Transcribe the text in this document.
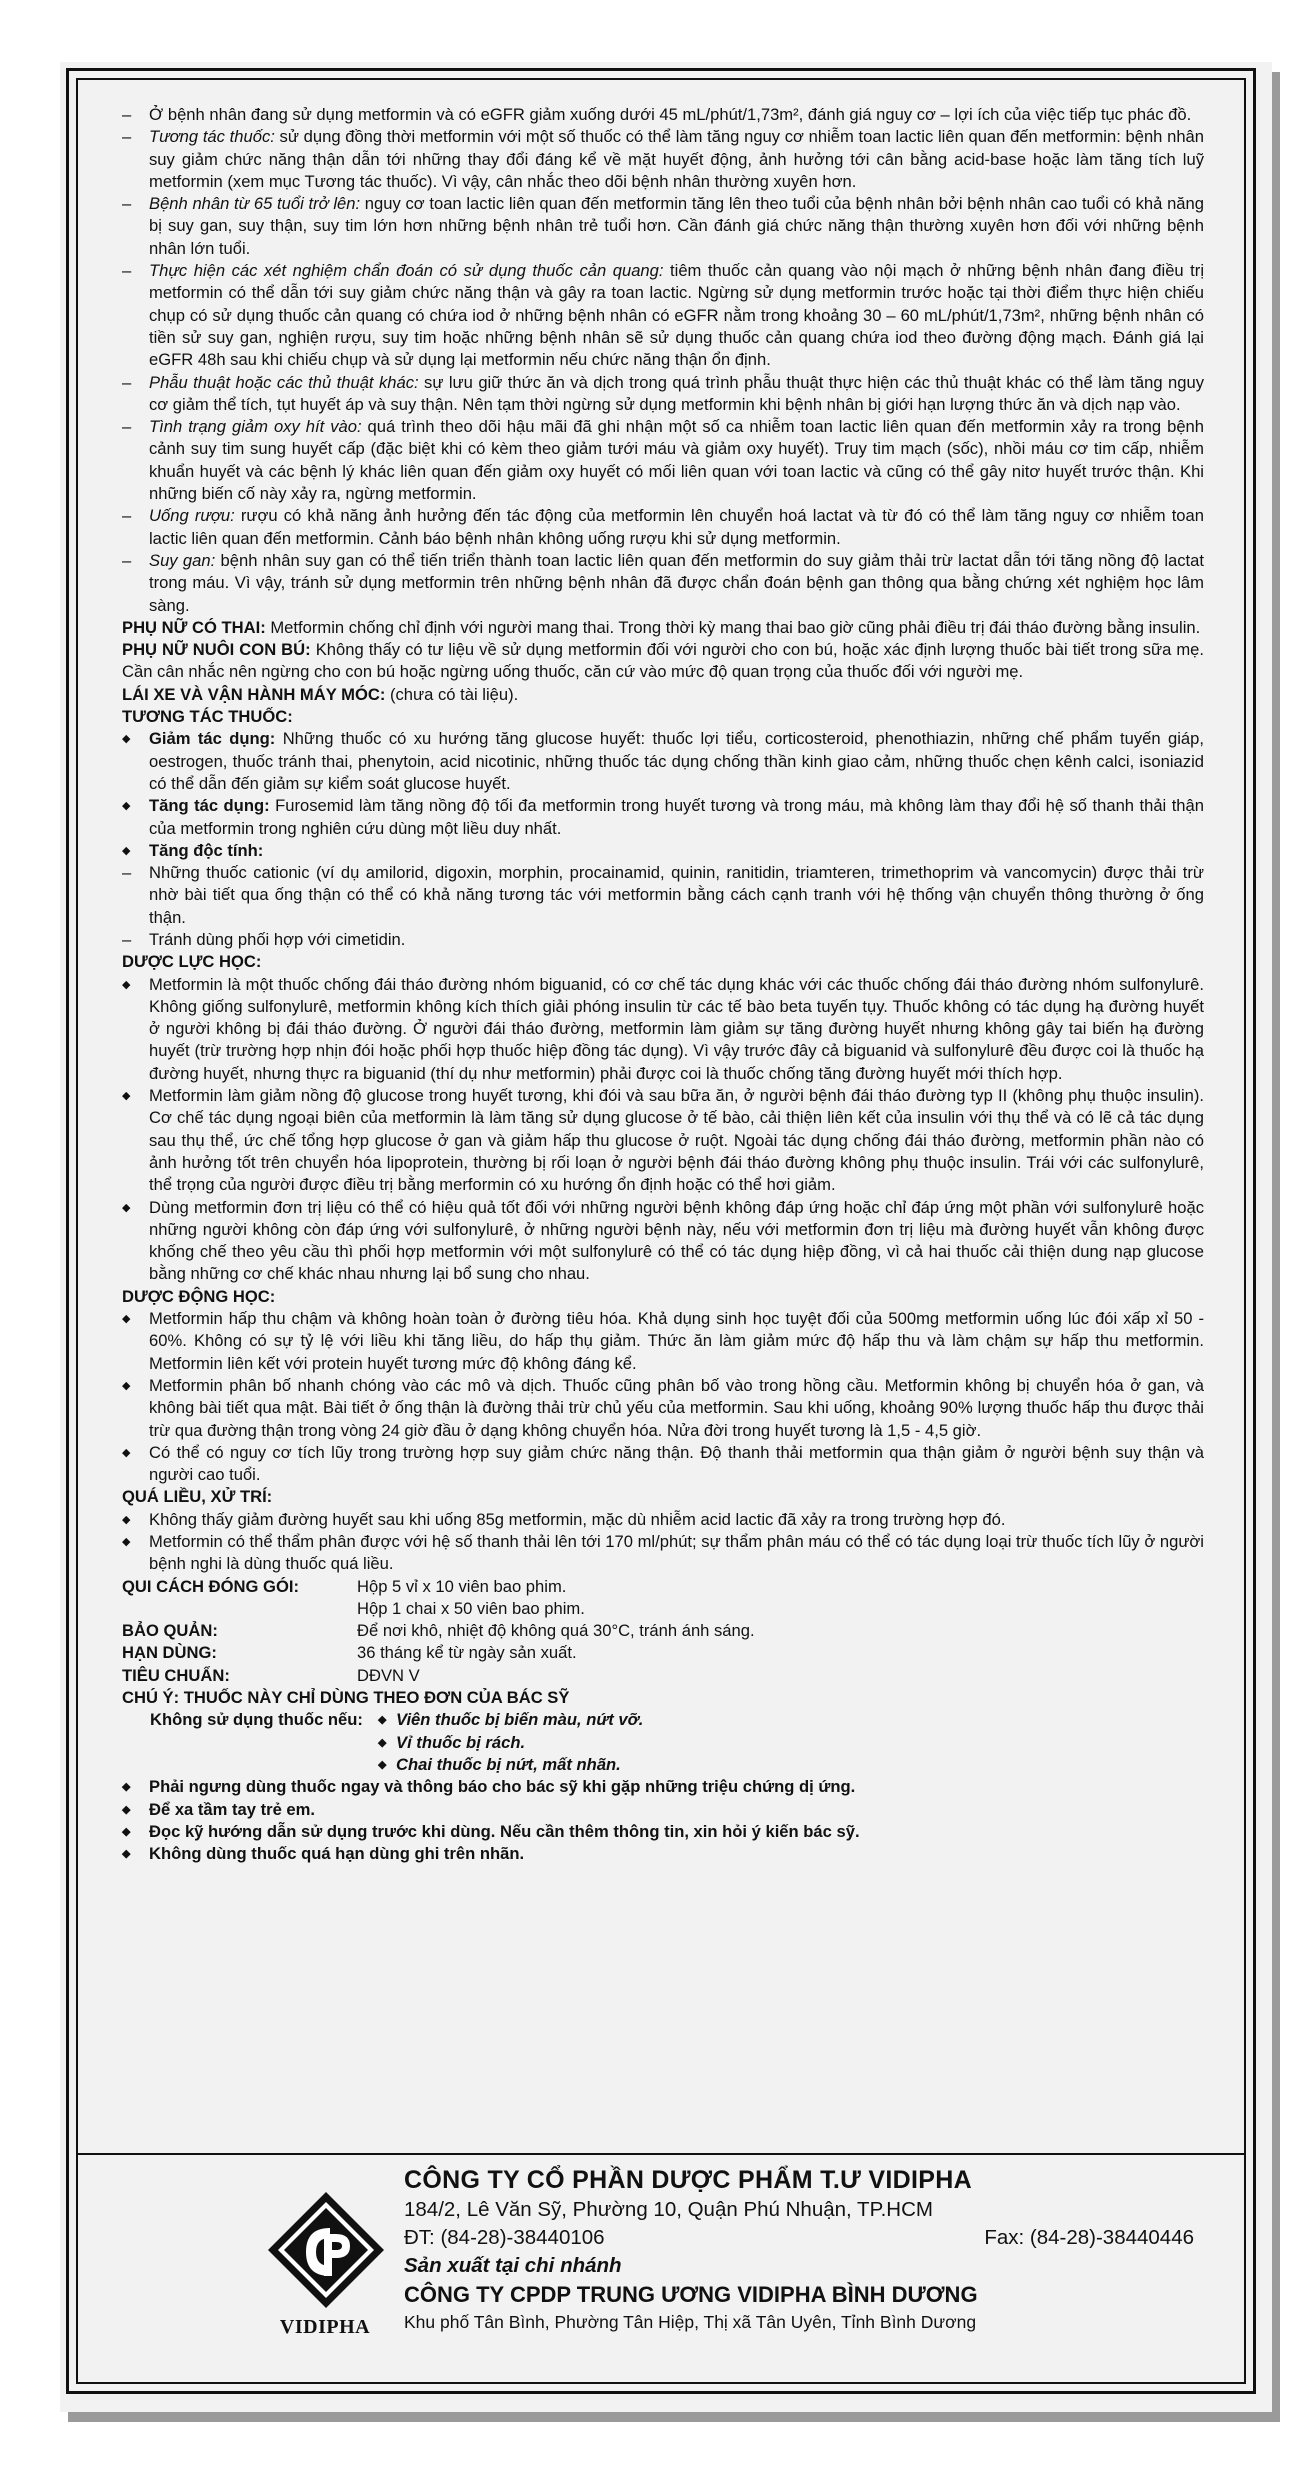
– Ở bệnh nhân đang sử dụng metformin và có eGFR giảm xuống dưới 45 mL/phút/1,73m², đánh giá nguy cơ – lợi ích của việc tiếp tục phác đồ.

– Tương tác thuốc: sử dụng đồng thời metformin với một số thuốc có thể làm tăng nguy cơ nhiễm toan lactic liên quan đến metformin: bệnh nhân suy giảm chức năng thận dẫn tới những thay đổi đáng kể về mặt huyết động, ảnh hưởng tới cân bằng acid-base hoặc làm tăng tích luỹ metformin (xem mục Tương tác thuốc). Vì vậy, cân nhắc theo dõi bệnh nhân thường xuyên hơn.

– Bệnh nhân từ 65 tuổi trở lên: nguy cơ toan lactic liên quan đến metformin tăng lên theo tuổi của bệnh nhân bởi bệnh nhân cao tuổi có khả năng bị suy gan, suy thận, suy tim lớn hơn những bệnh nhân trẻ tuổi hơn. Cần đánh giá chức năng thận thường xuyên hơn đối với những bệnh nhân lớn tuổi.

– Thực hiện các xét nghiệm chẩn đoán có sử dụng thuốc cản quang: tiêm thuốc cản quang vào nội mạch ở những bệnh nhân đang điều trị metformin có thể dẫn tới suy giảm chức năng thận và gây ra toan lactic. Ngừng sử dụng metformin trước hoặc tại thời điểm thực hiện chiếu chụp có sử dụng thuốc cản quang có chứa iod ở những bệnh nhân có eGFR nằm trong khoảng 30 – 60 mL/phút/1,73m², những bệnh nhân có tiền sử suy gan, nghiện rượu, suy tim hoặc những bệnh nhân sẽ sử dụng thuốc cản quang chứa iod theo đường động mạch. Đánh giá lại eGFR 48h sau khi chiếu chụp và sử dụng lại metformin nếu chức năng thận ổn định.

– Phẫu thuật hoặc các thủ thuật khác: sự lưu giữ thức ăn và dịch trong quá trình phẫu thuật thực hiện các thủ thuật khác có thể làm tăng nguy cơ giảm thể tích, tụt huyết áp và suy thận. Nên tạm thời ngừng sử dụng metformin khi bệnh nhân bị giới hạn lượng thức ăn và dịch nạp vào.

– Tình trạng giảm oxy hít vào: quá trình theo dõi hậu mãi đã ghi nhận một số ca nhiễm toan lactic liên quan đến metformin xảy ra trong bệnh cảnh suy tim sung huyết cấp (đặc biệt khi có kèm theo giảm tưới máu và giảm oxy huyết). Truy tim mạch (sốc), nhồi máu cơ tim cấp, nhiễm khuẩn huyết và các bệnh lý khác liên quan đến giảm oxy huyết có mối liên quan với toan lactic và cũng có thể gây nitơ huyết trước thận. Khi những biến cố này xảy ra, ngừng metformin.

– Uống rượu: rượu có khả năng ảnh hưởng đến tác động của metformin lên chuyển hoá lactat và từ đó có thể làm tăng nguy cơ nhiễm toan lactic liên quan đến metformin. Cảnh báo bệnh nhân không uống rượu khi sử dụng metformin.

– Suy gan: bệnh nhân suy gan có thể tiến triển thành toan lactic liên quan đến metformin do suy giảm thải trừ lactat dẫn tới tăng nồng độ lactat trong máu. Vì vậy, tránh sử dụng metformin trên những bệnh nhân đã được chẩn đoán bệnh gan thông qua bằng chứng xét nghiệm học lâm sàng.

PHỤ NỮ CÓ THAI: Metformin chống chỉ định với người mang thai. Trong thời kỳ mang thai bao giờ cũng phải điều trị đái tháo đường bằng insulin.

PHỤ NỮ NUÔI CON BÚ: Không thấy có tư liệu về sử dụng metformin đối với người cho con bú, hoặc xác định lượng thuốc bài tiết trong sữa mẹ. Cần cân nhắc nên ngừng cho con bú hoặc ngừng uống thuốc, căn cứ vào mức độ quan trọng của thuốc đối với người mẹ.

LÁI XE VÀ VẬN HÀNH MÁY MÓC: (chưa có tài liệu).

TƯƠNG TÁC THUỐC:

◆ Giảm tác dụng: Những thuốc có xu hướng tăng glucose huyết: thuốc lợi tiểu, corticosteroid, phenothiazin, những chế phẩm tuyến giáp, oestrogen, thuốc tránh thai, phenytoin, acid nicotinic, những thuốc tác dụng chống thần kinh giao cảm, những thuốc chẹn kênh calci, isoniazid có thể dẫn đến giảm sự kiểm soát glucose huyết.

◆ Tăng tác dụng: Furosemid làm tăng nồng độ tối đa metformin trong huyết tương và trong máu, mà không làm thay đổi hệ số thanh thải thận của metformin trong nghiên cứu dùng một liều duy nhất.

◆ Tăng độc tính:

– Những thuốc cationic (ví dụ amilorid, digoxin, morphin, procainamid, quinin, ranitidin, triamteren, trimethoprim và vancomycin) được thải trừ nhờ bài tiết qua ống thận có thể có khả năng tương tác với metformin bằng cách cạnh tranh với hệ thống vận chuyển thông thường ở ống thận.

– Tránh dùng phối hợp với cimetidin.

DƯỢC LỰC HỌC:

◆ Metformin là một thuốc chống đái tháo đường nhóm biguanid, có cơ chế tác dụng khác với các thuốc chống đái tháo đường nhóm sulfonylurê. Không giống sulfonylurê, metformin không kích thích giải phóng insulin từ các tế bào beta tuyến tụy. Thuốc không có tác dụng hạ đường huyết ở người không bị đái tháo đường. Ở người đái tháo đường, metformin làm giảm sự tăng đường huyết nhưng không gây tai biến hạ đường huyết (trừ trường hợp nhịn đói hoặc phối hợp thuốc hiệp đồng tác dụng). Vì vậy trước đây cả biguanid và sulfonylurê đều được coi là thuốc hạ đường huyết, nhưng thực ra biguanid (thí dụ như metformin) phải được coi là thuốc chống tăng đường huyết mới thích hợp.

◆ Metformin làm giảm nồng độ glucose trong huyết tương, khi đói và sau bữa ăn, ở người bệnh đái tháo đường typ II (không phụ thuộc insulin). Cơ chế tác dụng ngoại biên của metformin là làm tăng sử dụng glucose ở tế bào, cải thiện liên kết của insulin với thụ thể và có lẽ cả tác dụng sau thụ thể, ức chế tổng hợp glucose ở gan và giảm hấp thu glucose ở ruột. Ngoài tác dụng chống đái tháo đường, metformin phần nào có ảnh hưởng tốt trên chuyển hóa lipoprotein, thường bị rối loạn ở người bệnh đái tháo đường không phụ thuộc insulin. Trái với các sulfonylurê, thể trọng của người được điều trị bằng merformin có xu hướng ổn định hoặc có thể hơi giảm.

◆ Dùng metformin đơn trị liệu có thể có hiệu quả tốt đối với những người bệnh không đáp ứng hoặc chỉ đáp ứng một phần với sulfonylurê hoặc những người không còn đáp ứng với sulfonylurê, ở những người bệnh này, nếu với metformin đơn trị liệu mà đường huyết vẫn không được khống chế theo yêu cầu thì phối hợp metformin với một sulfonylurê có thể có tác dụng hiệp đồng, vì cả hai thuốc cải thiện dung nạp glucose bằng những cơ chế khác nhau nhưng lại bổ sung cho nhau.

DƯỢC ĐỘNG HỌC:

◆ Metformin hấp thu chậm và không hoàn toàn ở đường tiêu hóa. Khả dụng sinh học tuyệt đối của 500mg metformin uống lúc đói xấp xỉ 50 - 60%. Không có sự tỷ lệ với liều khi tăng liều, do hấp thụ giảm. Thức ăn làm giảm mức độ hấp thu và làm chậm sự hấp thu metformin. Metformin liên kết với protein huyết tương mức độ không đáng kể.

◆ Metformin phân bố nhanh chóng vào các mô và dịch. Thuốc cũng phân bố vào trong hồng cầu. Metformin không bị chuyển hóa ở gan, và không bài tiết qua mật. Bài tiết ở ống thận là đường thải trừ chủ yếu của metformin. Sau khi uống, khoảng 90% lượng thuốc hấp thu được thải trừ qua đường thận trong vòng 24 giờ đầu ở dạng không chuyển hóa. Nửa đời trong huyết tương là 1,5 - 4,5 giờ.

◆ Có thể có nguy cơ tích lũy trong trường hợp suy giảm chức năng thận. Độ thanh thải metformin qua thận giảm ở người bệnh suy thận và người cao tuổi.

QUÁ LIỀU, XỬ TRÍ:

◆ Không thấy giảm đường huyết sau khi uống 85g metformin, mặc dù nhiễm acid lactic đã xảy ra trong trường hợp đó.

◆ Metformin có thể thẩm phân được với hệ số thanh thải lên tới 170 ml/phút; sự thẩm phân máu có thể có tác dụng loại trừ thuốc tích lũy ở người bệnh nghi là dùng thuốc quá liều.

QUI CÁCH ĐÓNG GÓI:	Hộp 5 vỉ x 10 viên bao phim.
Hộp 1 chai x 50 viên bao phim.
BẢO QUẢN:	Để nơi khô, nhiệt độ không quá 30°C, tránh ánh sáng.
HẠN DÙNG:	36 tháng kể từ ngày sản xuất.
TIÊU CHUẨN:	DĐVN V

CHÚ Ý: THUỐC NÀY CHỈ DÙNG THEO ĐƠN CỦA BÁC SỸ

Không sử dụng thuốc nếu:
◆	Viên thuốc bị biến màu, nứt vỡ.
◆ Vỉ thuốc bị rách.
◆ Chai thuốc bị nứt, mất nhãn.

◆ Phải ngưng dùng thuốc ngay và thông báo cho bác sỹ khi gặp những triệu chứng dị ứng.

◆ Để xa tầm tay trẻ em.

◆ Đọc kỹ hướng dẫn sử dụng trước khi dùng. Nếu cần thêm thông tin, xin hỏi ý kiến bác sỹ.

◆ Không dùng thuốc quá hạn dùng ghi trên nhãn.

VIDIPHA
CÔNG TY CỔ PHẦN DƯỢC PHẨM T.Ư VIDIPHA
184/2, Lê Văn Sỹ, Phường 10, Quận Phú Nhuận, TP.HCM
ĐT: (84-28)-38440106	Fax: (84-28)-38440446
Sản xuất tại chi nhánh
CÔNG TY CPDP TRUNG ƯƠNG VIDIPHA BÌNH DƯƠNG
Khu phố Tân Bình, Phường Tân Hiệp, Thị xã Tân Uyên, Tỉnh Bình Dương
